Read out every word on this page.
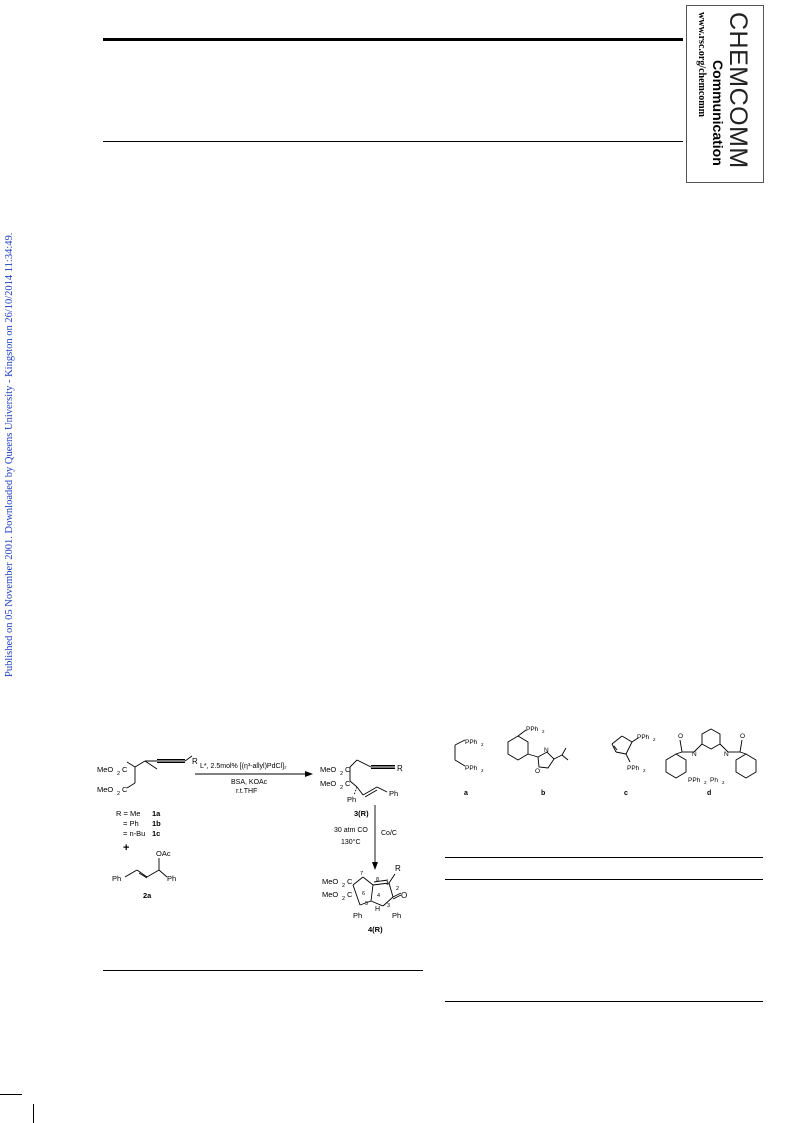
CHEMCOMM
Communication
www.rsc.org/chemcomm
Published on 05 November 2001. Downloaded by Queens University - Kingston on 26/10/2014 11:34:49.
MeO 2 C
MeO 2 C
R
R = Me 1a
= Ph 1b
= n-Bu 1c
+	OAc
Ph	Ph
2a
L*, 2.5mol% [(η³-allyl)PdCl]₂
BSA, KOAc
r.t.THF
MeO 2 C
MeO 2 C
R
Ph
Ph
3(R)
30 atm CO
130°C
Co/C
MeO 2 C
MeO 2 C
R
O
1
2
3
4
5
6
7
8
H
Ph	Ph
4(R)
PPh 2
PPh 2
PPh 2
N
O
PPh 2
PPh 2
O	O
N	N
PPh 2 Ph 2
a	b	c	d
